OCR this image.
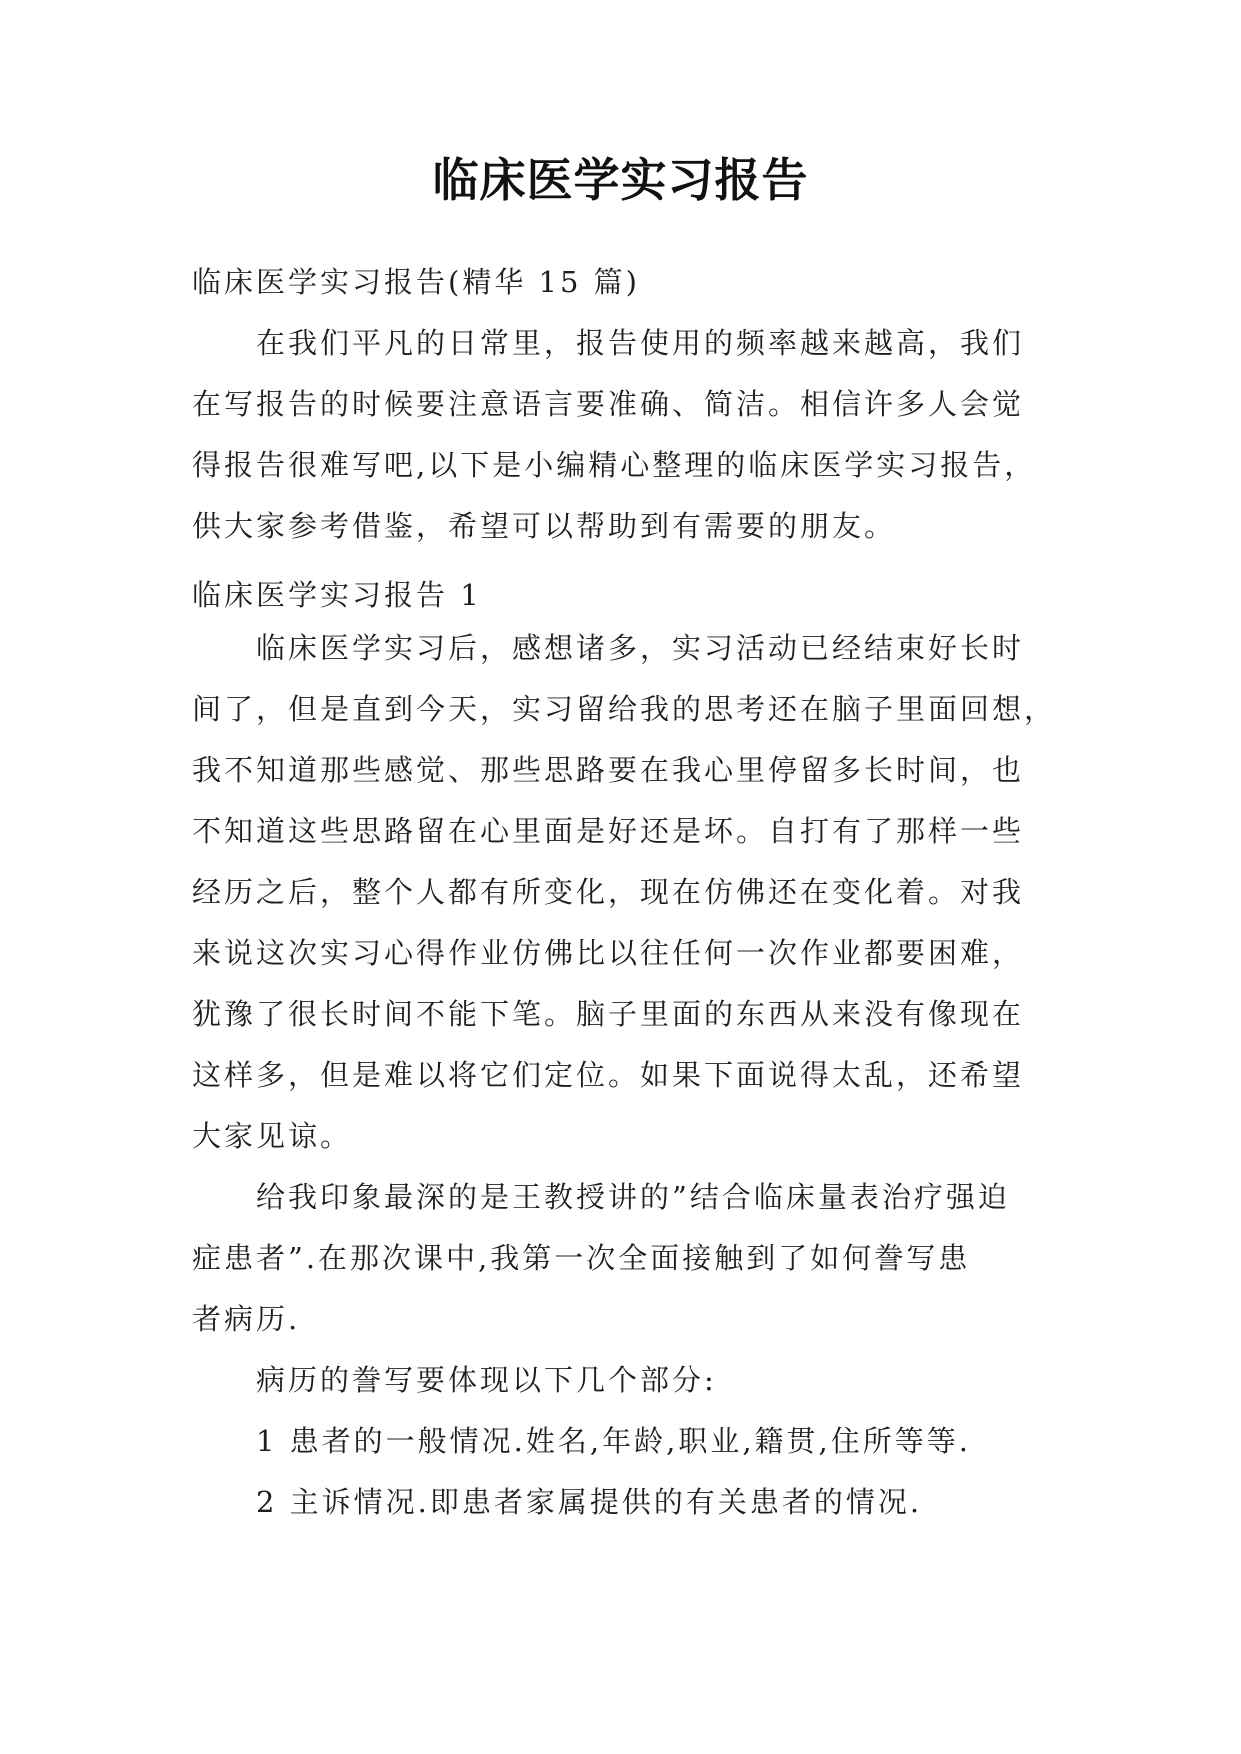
临床医学实习报告
临床医学实习报告(精华 15 篇)

在我们平凡的日常里，报告使用的频率越来越高，我们

在写报告的时候要注意语言要准确、简洁。相信许多人会觉

得报告很难写吧,以下是小编精心整理的临床医学实习报告，

供大家参考借鉴，希望可以帮助到有需要的朋友。

临床医学实习报告 1

临床医学实习后，感想诸多，实习活动已经结束好长时

间了，但是直到今天，实习留给我的思考还在脑子里面回想，

我不知道那些感觉、那些思路要在我心里停留多长时间，也

不知道这些思路留在心里面是好还是坏。自打有了那样一些

经历之后，整个人都有所变化，现在仿佛还在变化着。对我

来说这次实习心得作业仿佛比以往任何一次作业都要困难，

犹豫了很长时间不能下笔。脑子里面的东西从来没有像现在

这样多，但是难以将它们定位。如果下面说得太乱，还希望

大家见谅。

给我印象最深的是王教授讲的”结合临床量表治疗强迫

症患者”.在那次课中,我第一次全面接触到了如何誊写患

者病历.

病历的誊写要体现以下几个部分:
1 患者的一般情况.姓名,年龄,职业,籍贯,住所等等.
2 主诉情况.即患者家属提供的有关患者的情况.
